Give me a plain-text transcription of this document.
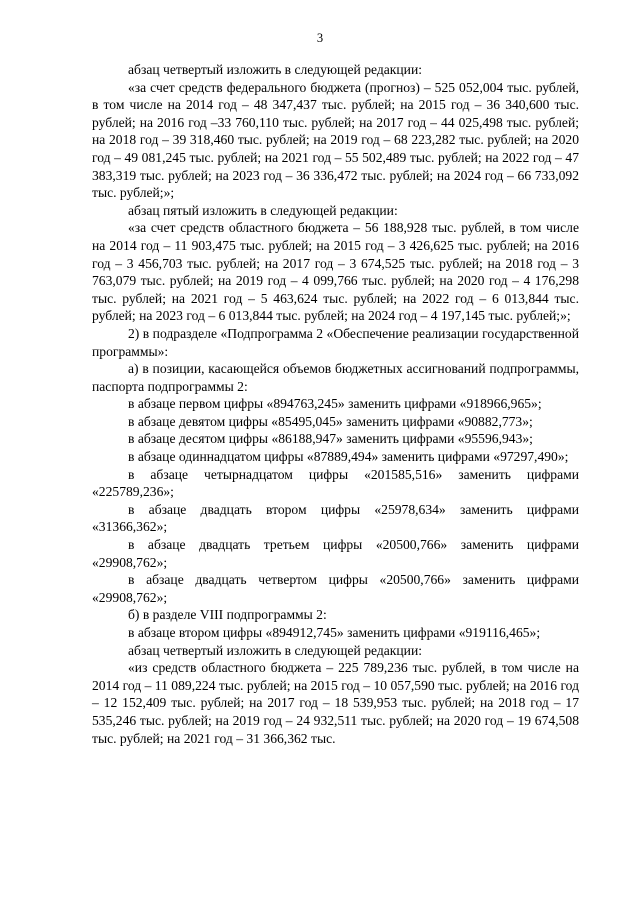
3

абзац четвертый изложить в следующей редакции:

«за счет средств федерального бюджета (прогноз) – 525 052,004 тыс. рублей, в том числе на 2014 год – 48 347,437 тыс. рублей; на 2015 год – 36 340,600 тыс. рублей; на 2016 год –33 760,110 тыс. рублей; на 2017 год – 44 025,498 тыс. рублей; на 2018 год – 39 318,460 тыс. рублей; на 2019 год – 68 223,282 тыс. рублей; на 2020 год – 49 081,245 тыс. рублей; на 2021 год – 55 502,489 тыс. рублей; на 2022 год – 47 383,319 тыс. рублей; на 2023 год – 36 336,472 тыс. рублей; на 2024 год – 66 733,092 тыс. рублей;»;

абзац пятый изложить в следующей редакции:

«за счет средств областного бюджета – 56 188,928 тыс. рублей, в том числе на 2014 год – 11 903,475 тыс. рублей; на 2015 год – 3 426,625 тыс. рублей; на 2016 год – 3 456,703 тыс. рублей; на 2017 год – 3 674,525 тыс. рублей; на 2018 год – 3 763,079 тыс. рублей; на 2019 год – 4 099,766 тыс. рублей; на 2020 год – 4 176,298 тыс. рублей; на 2021 год – 5 463,624 тыс. рублей; на 2022 год – 6 013,844 тыс. рублей; на 2023 год – 6 013,844 тыс. рублей; на 2024 год – 4 197,145 тыс. рублей;»;

2) в подразделе «Подпрограмма 2 «Обеспечение реализации государственной программы»:

а) в позиции, касающейся объемов бюджетных ассигнований подпрограммы, паспорта подпрограммы 2:

в абзаце первом цифры «894763,245» заменить цифрами «918966,965»;

в абзаце девятом цифры «85495,045» заменить цифрами «90882,773»;

в абзаце десятом цифры «86188,947» заменить цифрами «95596,943»;

в абзаце одиннадцатом цифры «87889,494» заменить цифрами «97297,490»;

в абзаце четырнадцатом цифры «201585,516» заменить цифрами «225789,236»;

в абзаце двадцать втором цифры «25978,634» заменить цифрами «31366,362»;

в абзаце двадцать третьем цифры «20500,766» заменить цифрами «29908,762»;

в абзаце двадцать четвертом цифры «20500,766» заменить цифрами «29908,762»;

б) в разделе VIII подпрограммы 2:

в абзаце втором цифры «894912,745» заменить цифрами «919116,465»;

абзац четвертый изложить в следующей редакции:

«из средств областного бюджета – 225 789,236 тыс. рублей, в том числе на 2014 год – 11 089,224 тыс. рублей; на 2015 год – 10 057,590 тыс. рублей; на 2016 год – 12 152,409 тыс. рублей; на 2017 год – 18 539,953 тыс. рублей; на 2018 год – 17 535,246 тыс. рублей; на 2019 год – 24 932,511 тыс. рублей; на 2020 год – 19 674,508 тыс. рублей; на 2021 год – 31 366,362 тыс.
